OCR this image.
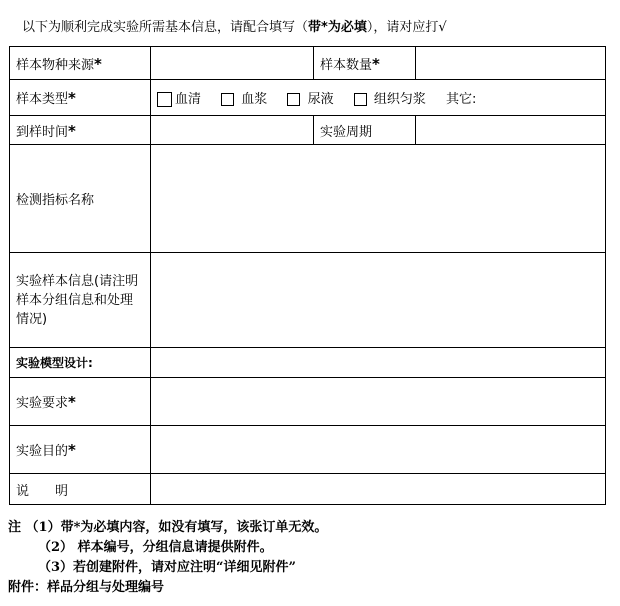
以下为顺利完成实验所需基本信息，请配合填写（带*为必填），请对应打√
样本物种来源*		样本数量*	
样本类型*	血清 血浆 尿液 组织匀浆 其它:		
到样时间*		实验周期	
检测指标名称			
实验样本信息(请注明样本分组信息和处理情况)			
实验模型设计:			
实验要求*			
实验目的*			
说　　明			
注 （1）带*为必填内容，如没有填写，该张订单无效。
（2） 样本编号，分组信息请提供附件。
（3）若创建附件，请对应注明“详细见附件”
附件：样品分组与处理编号
